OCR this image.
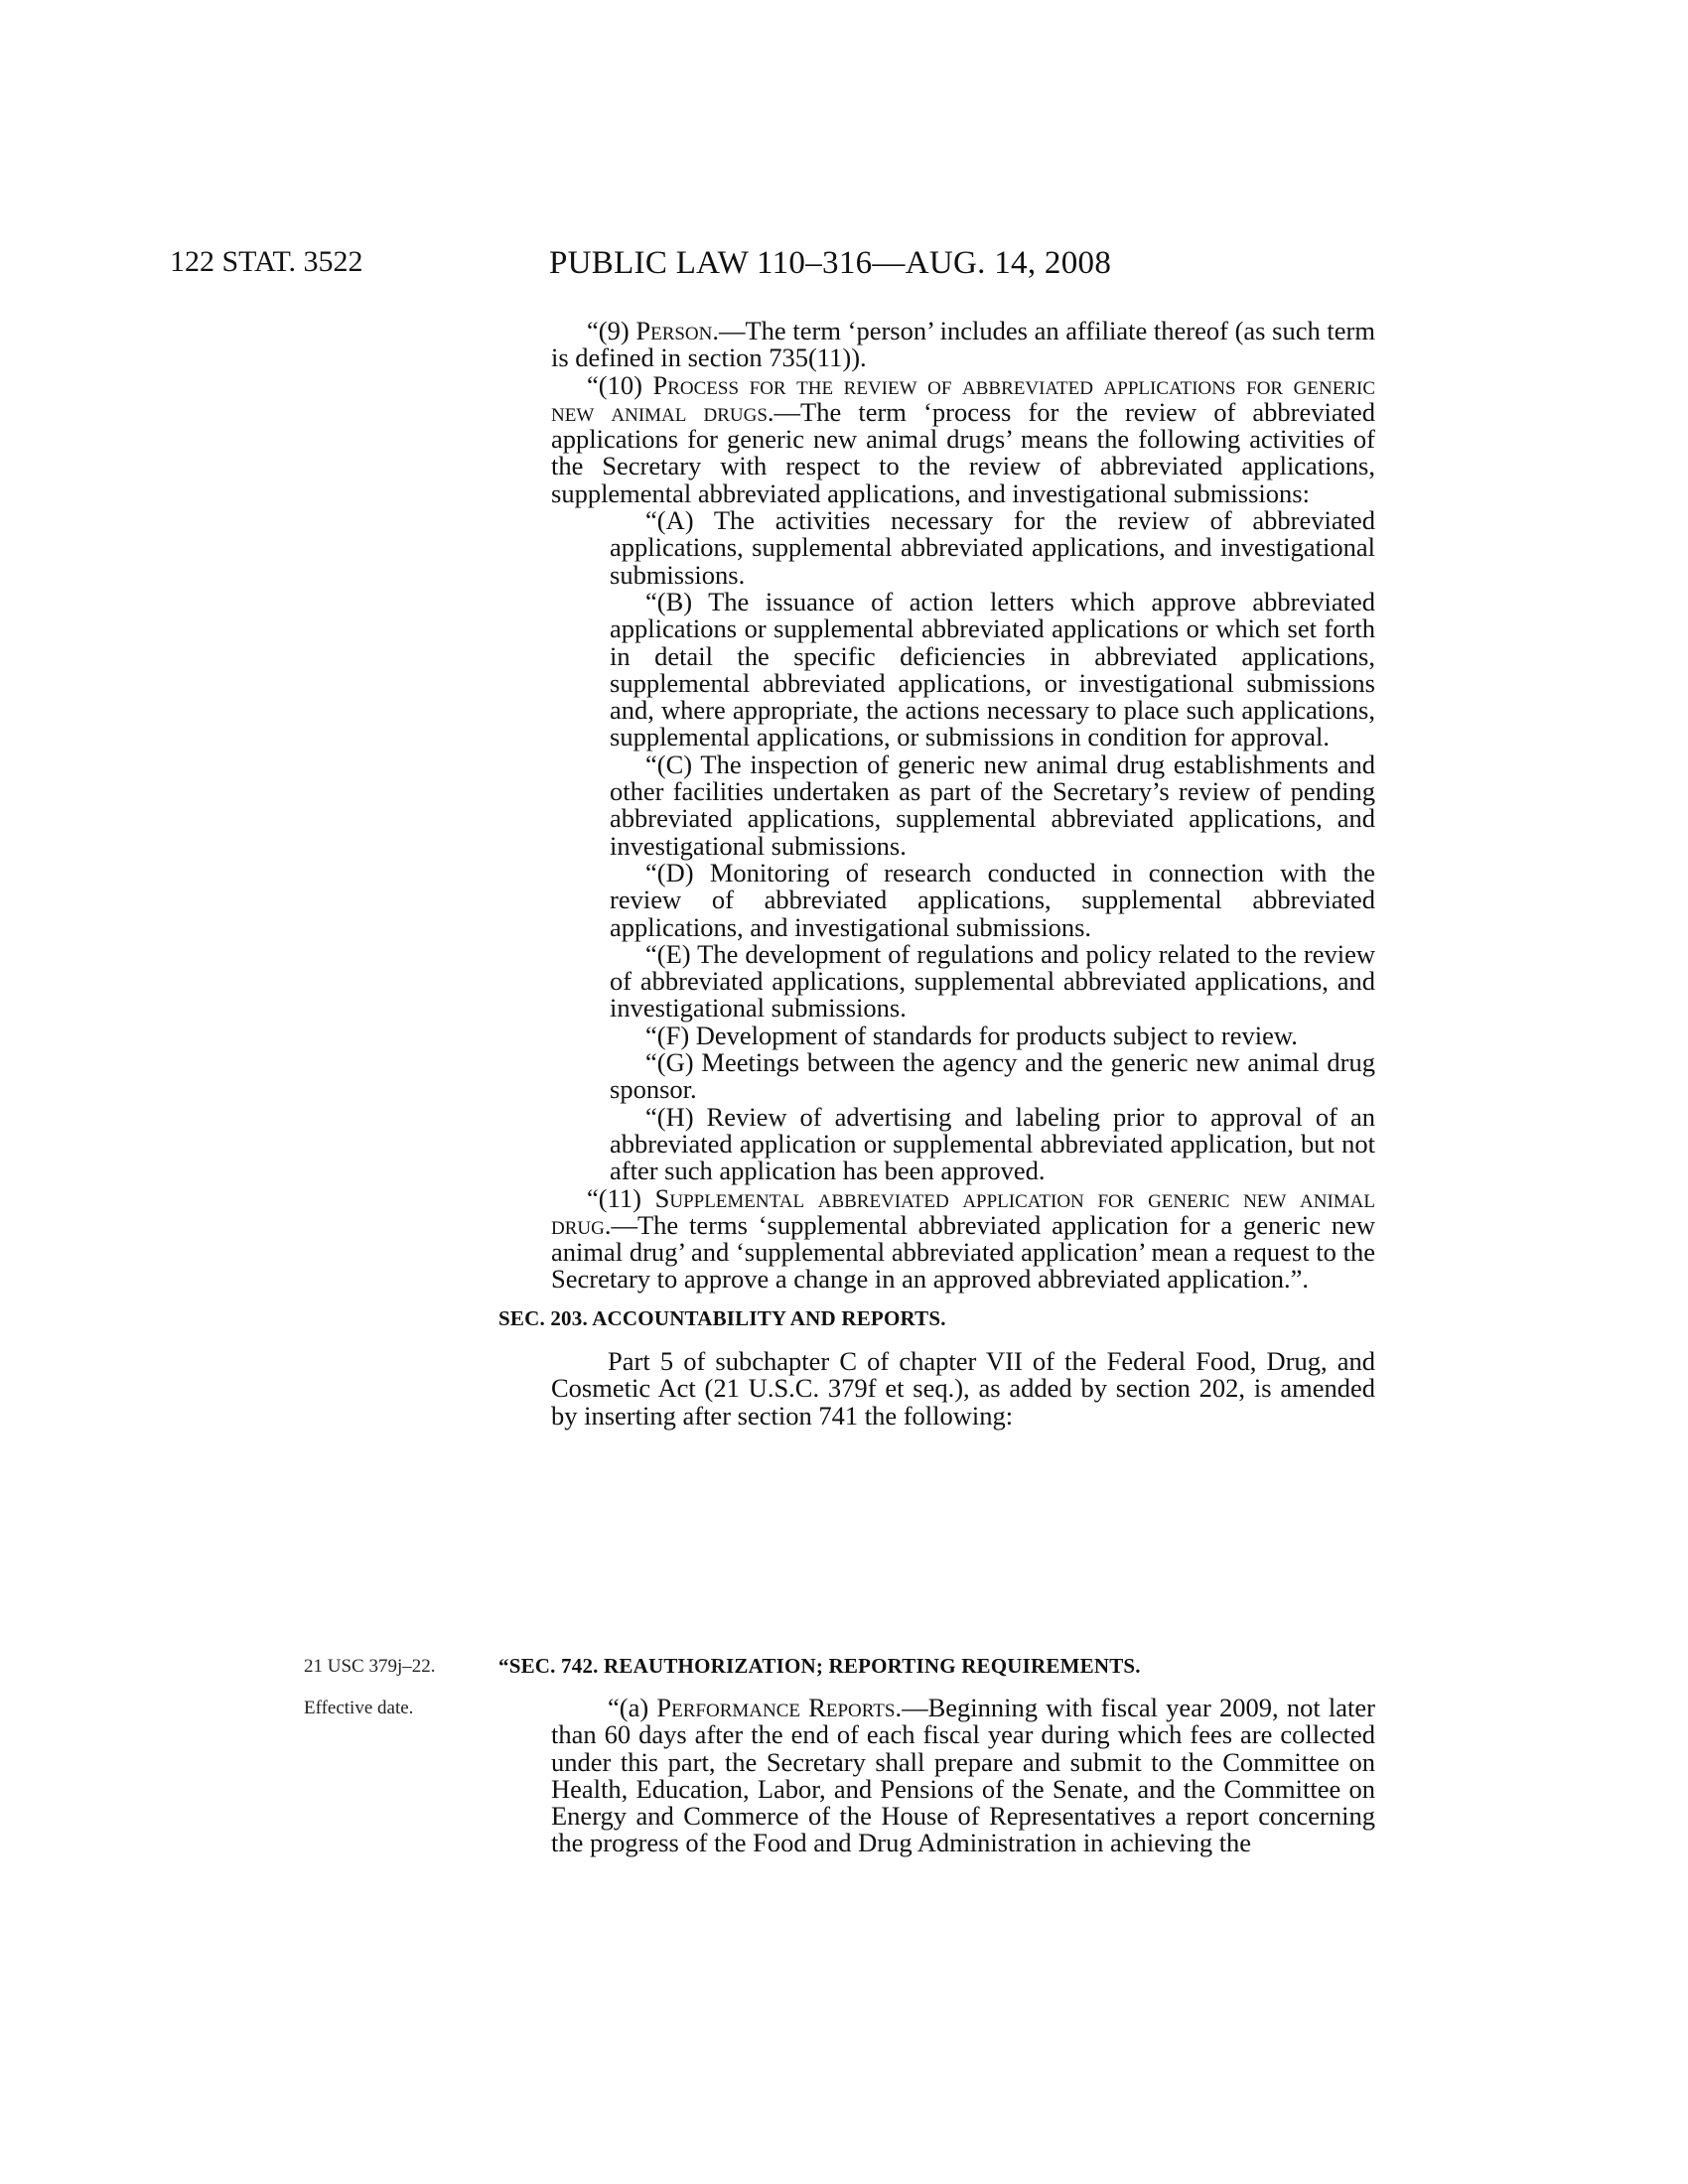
122 STAT. 3522	PUBLIC LAW 110–316—AUG. 14, 2008

“(9) Person.—The term ‘person’ includes an affiliate thereof (as such term is defined in section 735(11)).

“(10) Process for the review of abbreviated applications for generic new animal drugs.—The term ‘process for the review of abbreviated applications for generic new animal drugs’ means the following activities of the Secretary with respect to the review of abbreviated applications, supplemental abbreviated applications, and investigational submissions:

“(A) The activities necessary for the review of abbreviated applications, supplemental abbreviated applications, and investigational submissions.

“(B) The issuance of action letters which approve abbreviated applications or supplemental abbreviated applications or which set forth in detail the specific deficiencies in abbreviated applications, supplemental abbreviated applications, or investigational submissions and, where appropriate, the actions necessary to place such applications, supplemental applications, or submissions in condition for approval.

“(C) The inspection of generic new animal drug establishments and other facilities undertaken as part of the Secretary’s review of pending abbreviated applications, supplemental abbreviated applications, and investigational submissions.

“(D) Monitoring of research conducted in connection with the review of abbreviated applications, supplemental abbreviated applications, and investigational submissions.

“(E) The development of regulations and policy related to the review of abbreviated applications, supplemental abbreviated applications, and investigational submissions.

“(F) Development of standards for products subject to review.

“(G) Meetings between the agency and the generic new animal drug sponsor.

“(H) Review of advertising and labeling prior to approval of an abbreviated application or supplemental abbreviated application, but not after such application has been approved.

“(11) Supplemental abbreviated application for generic new animal drug.—The terms ‘supplemental abbreviated application for a generic new animal drug’ and ‘supplemental abbreviated application’ mean a request to the Secretary to approve a change in an approved abbreviated application.”.

SEC. 203. ACCOUNTABILITY AND REPORTS.

Part 5 of subchapter C of chapter VII of the Federal Food, Drug, and Cosmetic Act (21 U.S.C. 379f et seq.), as added by section 202, is amended by inserting after section 741 the following:

21 USC 379j–22.	“SEC. 742. REAUTHORIZATION; REPORTING REQUIREMENTS.
Effective date.	“(a) Performance Reports.—Beginning with fiscal year 2009, not later than 60 days after the end of each fiscal year during which fees are collected under this part, the Secretary shall prepare and submit to the Committee on Health, Education, Labor, and Pensions of the Senate, and the Committee on Energy and Commerce of the House of Representatives a report concerning the progress of the Food and Drug Administration in achieving the
